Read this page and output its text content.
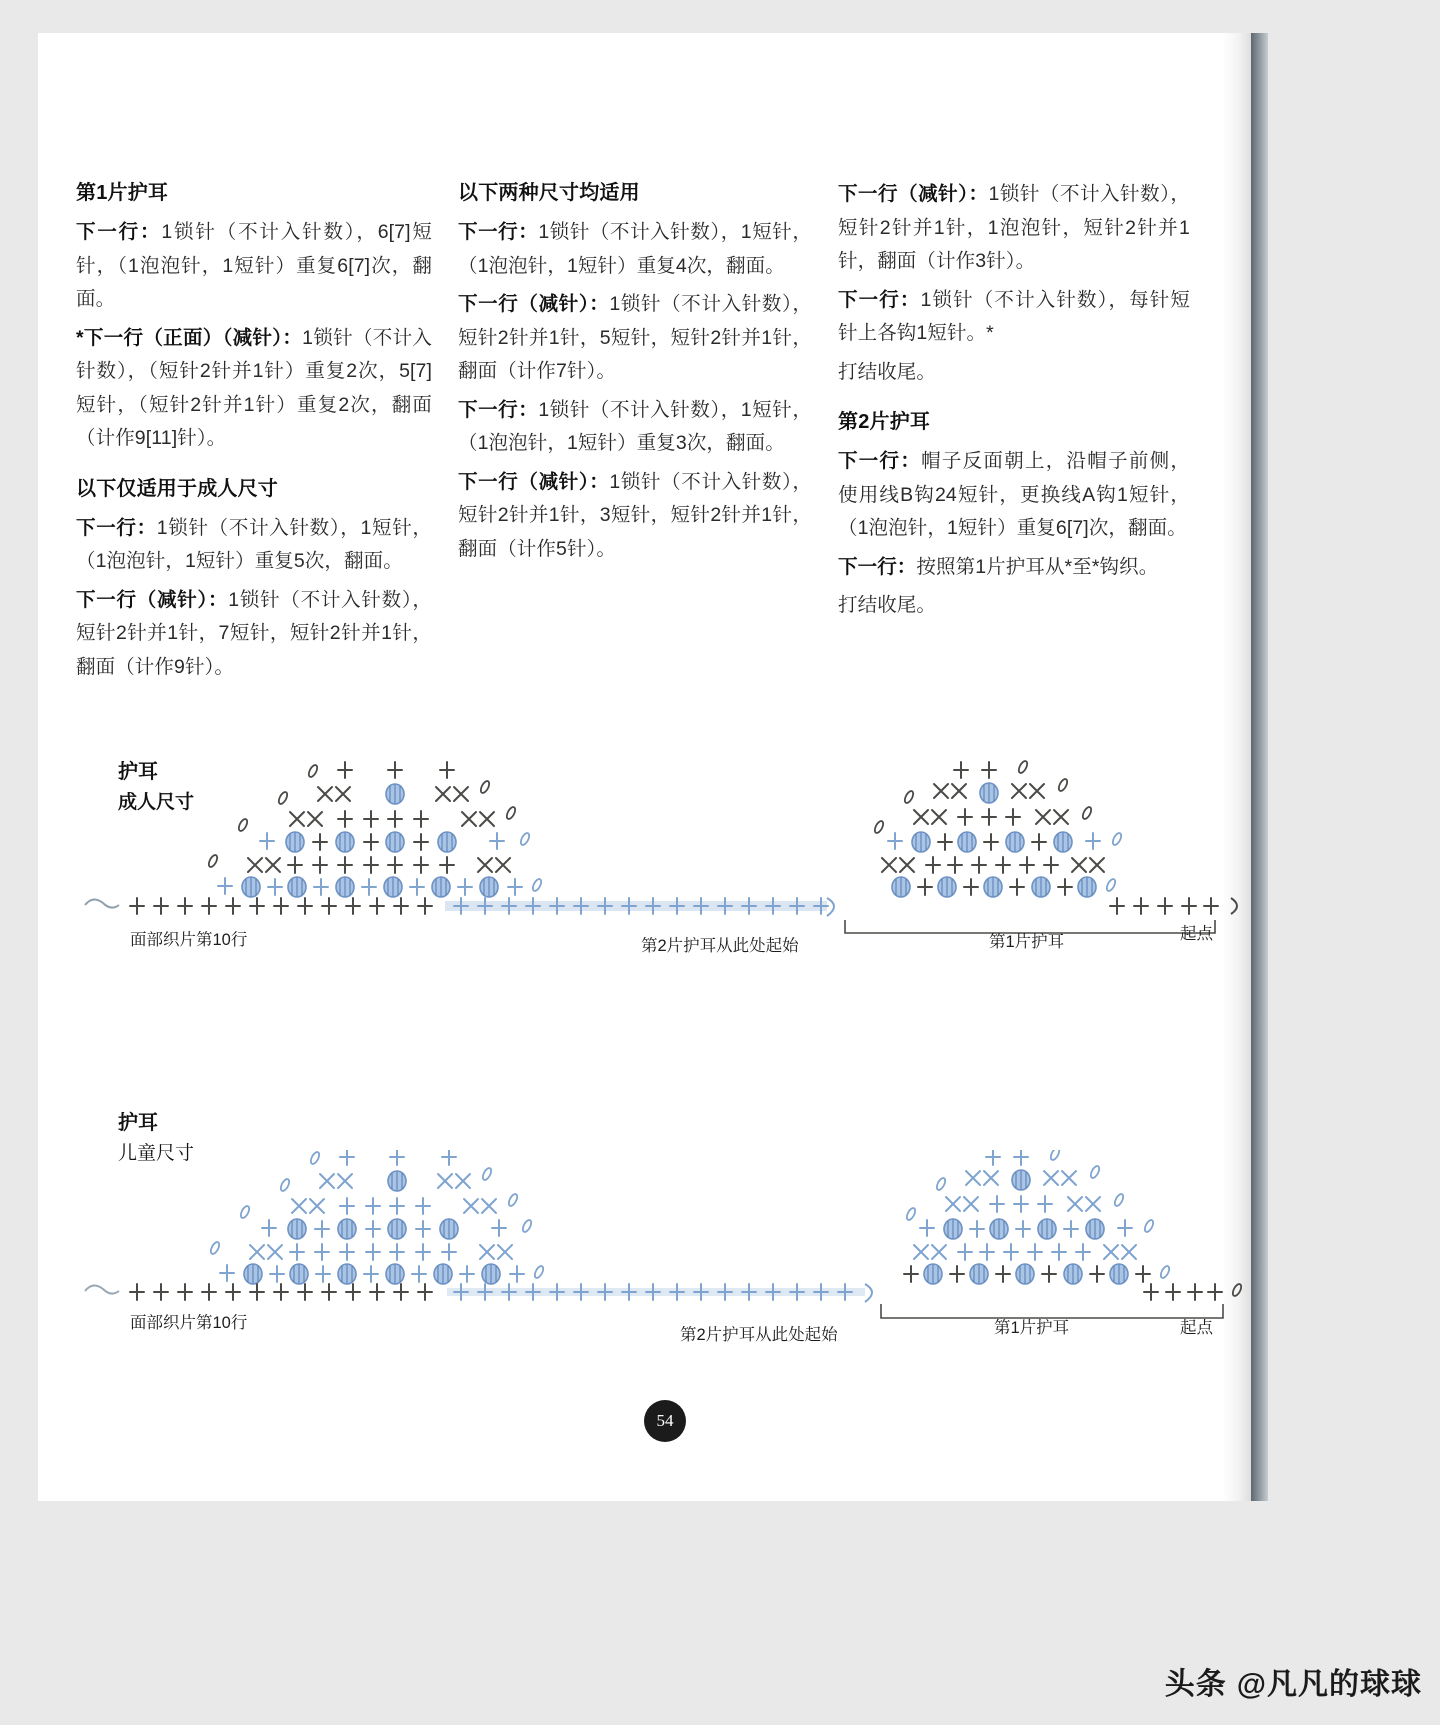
第1片护耳

下一行：1锁针（不计入针数），6[7]短针，（1泡泡针，1短针）重复6[7]次，翻面。

*下一行（正面）（减针）：1锁针（不计入针数），（短针2针并1针）重复2次，5[7]短针，（短针2针并1针）重复2次，翻面（计作9[11]针）。

以下仅适用于成人尺寸

下一行：1锁针（不计入针数），1短针，（1泡泡针，1短针）重复5次，翻面。

下一行（减针）：1锁针（不计入针数），短针2针并1针，7短针，短针2针并1针，翻面（计作9针）。

以下两种尺寸均适用

下一行：1锁针（不计入针数），1短针，（1泡泡针，1短针）重复4次，翻面。

下一行（减针）：1锁针（不计入针数），短针2针并1针，5短针，短针2针并1针，翻面（计作7针）。

下一行：1锁针（不计入针数），1短针，（1泡泡针，1短针）重复3次，翻面。

下一行（减针）：1锁针（不计入针数），短针2针并1针，3短针，短针2针并1针，翻面（计作5针）。

下一行（减针）：1锁针（不计入针数），短针2针并1针，1泡泡针，短针2针并1针，翻面（计作3针）。

下一行：1锁针（不计入针数），每针短针上各钩1短针。*

打结收尾。

第2片护耳

下一行：帽子反面朝上，沿帽子前侧，使用线B钩24短针，更换线A钩1短针，（1泡泡针，1短针）重复6[7]次，翻面。

下一行：按照第1片护耳从*至*钩织。

打结收尾。

护耳
成人尺寸
面部织片第10行	第2片护耳从此处起始	第1片护耳	起点
护耳
儿童尺寸
面部织片第10行
第2片护耳从此处起始	第1片护耳	起点
54
头条 @凡凡的球球
